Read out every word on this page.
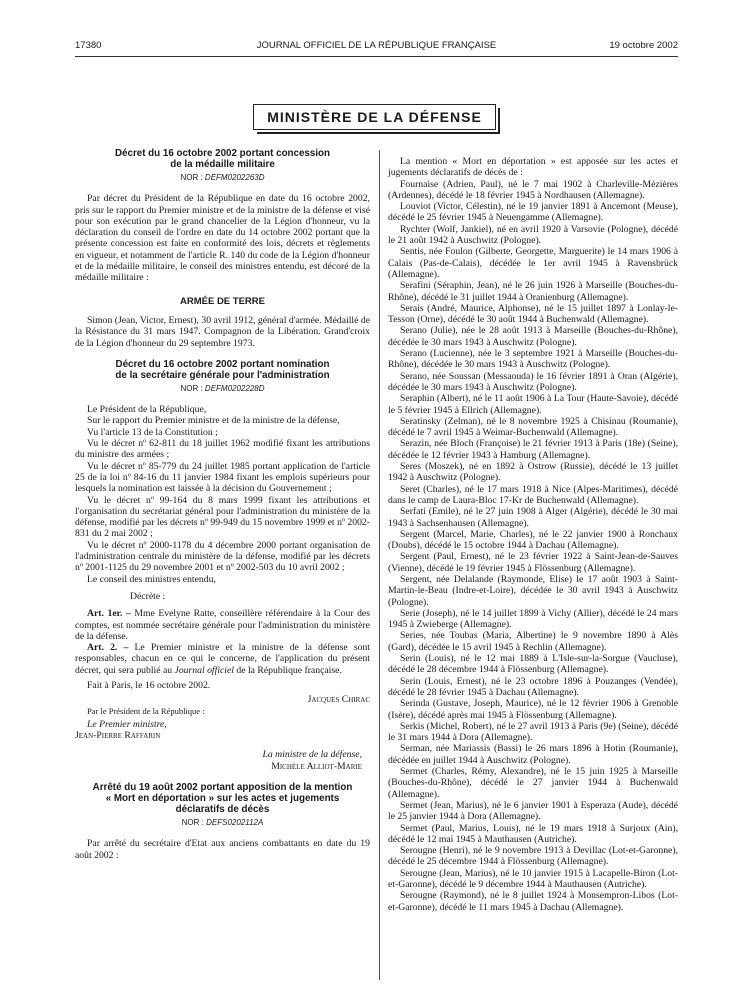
17380	JOURNAL OFFICIEL DE LA RÉPUBLIQUE FRANÇAISE	19 octobre 2002
MINISTÈRE DE LA DÉFENSE
Décret du 16 octobre 2002 portant concession
de la médaille militaire
NOR : DEFM0202263D

Par décret du Président de la République en date du 16 octobre 2002, pris sur le rapport du Premier ministre et de la ministre de la défense et visé pour son exécution par le grand chancelier de la Légion d'honneur, vu la déclaration du conseil de l'ordre en date du 14 octobre 2002 portant que la présente concession est faite en conformité des lois, décrets et règlements en vigueur, et notamment de l'article R. 140 du code de la Légion d'honneur et de la médaille militaire, le conseil des ministres entendu, est décoré de la médaille militaire :

ARMÉE DE TERRE

Simon (Jean, Victor, Ernest), 30 avril 1912, général d'armée. Médaillé de la Résistance du 31 mars 1947. Compagnon de la Libération. Grand'croix de la Légion d'honneur du 29 septembre 1973.

Décret du 16 octobre 2002 portant nomination
de la secrétaire générale pour l'administration
NOR : DEFM0202228D

Le Président de la République,

Sur le rapport du Premier ministre et de la ministre de la défense,

Vu l'article 13 de la Constitution ;

Vu le décret nº 62-811 du 18 juillet 1962 modifié fixant les attributions du ministre des armées ;

Vu le décret nº 85-779 du 24 juillet 1985 portant application de l'article 25 de la loi nº 84-16 du 11 janvier 1984 fixant les emplois supérieurs pour lesquels la nomination est laissée à la décision du Gouvernement ;

Vu le décret nº 99-164 du 8 mars 1999 fixant les attributions et l'organisation du secrétariat général pour l'administration du ministère de la défense, modifié par les décrets nº 99-949 du 15 novembre 1999 et nº 2002-831 du 2 mai 2002 ;

Vu le décret nº 2000-1178 du 4 décembre 2000 portant organisation de l'administration centrale du ministère de la défense, modifié par les décrets nº 2001-1125 du 29 novembre 2001 et nº 2002-503 du 10 avril 2002 ;

Le conseil des ministres entendu,

Décrète :

Art. 1er. – Mme Evelyne Ratte, conseillère référendaire à la Cour des comptes, est nommée secrétaire générale pour l'administration du ministère de la défense.

Art. 2. – Le Premier ministre et la ministre de la défense sont responsables, chacun en ce qui le concerne, de l'application du présent décret, qui sera publié au Journal officiel de la République française.

Fait à Paris, le 16 octobre 2002.

Jacques Chirac

Par le Président de la République :

Le Premier ministre,

Jean-Pierre Raffarin

La ministre de la défense,

Michèle Alliot-Marie

Arrêté du 19 août 2002 portant apposition de la mention
« Mort en déportation » sur les actes et jugements
déclaratifs de décès
NOR : DEFS0202112A

Par arrêté du secrétaire d'Etat aux anciens combattants en date du 19 août 2002 :

La mention « Mort en déportation » est apposée sur les actes et jugements déclaratifs de décès de :

Fournaise (Adrien, Paul), né le 7 mai 1902 à Charleville-Mézières (Ardennes), décédé le 18 février 1945 à Nordhausen (Allemagne).

Louviot (Victor, Célestin), né le 19 janvier 1891 à Ancemont (Meuse), décédé le 25 février 1945 à Neuengamme (Allemagne).

Rychter (Wolf, Jankiel), né en avril 1920 à Varsovie (Pologne), décédé le 21 août 1942 à Auschwitz (Pologne).

Sentis, née Foulon (Gilberte, Georgette, Marguerite) le 14 mars 1906 à Calais (Pas-de-Calais), décédée le 1er avril 1945 à Ravensbrück (Allemagne).

Serafini (Séraphin, Jean), né le 26 juin 1926 à Marseille (Bouches-du-Rhône), décédé le 31 juillet 1944 à Oranienburg (Allemagne).

Serais (André, Maurice, Alphonse), né le 15 juillet 1897 à Lonlay-le-Tesson (Orne), décédé le 30 août 1944 à Buchenwald (Allemagne).

Serano (Julie), née le 28 août 1913 à Marseille (Bouches-du-Rhône), décédée le 30 mars 1943 à Auschwitz (Pologne).

Serano (Lucienne), née le 3 septembre 1921 à Marseille (Bouches-du-Rhône), décédée le 30 mars 1943 à Auschwitz (Pologne).

Serano, née Soussan (Messaouda) le 16 février 1891 à Oran (Algérie), décédée le 30 mars 1943 à Auschwitz (Pologne).

Seraphin (Albert), né le 11 août 1906 à La Tour (Haute-Savoie), décédé le 5 février 1945 à Ellrich (Allemagne).

Seratinsky (Zelman), né le 8 novembre 1925 à Chisinau (Roumanie), décédé le 7 avril 1945 à Weimar-Buchenwald (Allemagne).

Serazin, née Bloch (Françoise) le 21 février 1913 à Paris (18e) (Seine), décédée le 12 février 1943 à Hamburg (Allemagne).

Seres (Moszek), né en 1892 à Ostrow (Russie), décédé le 13 juillet 1942 à Auschwitz (Pologne).

Seret (Charles), né le 17 mars 1918 à Nice (Alpes-Maritimes), décédé dans le camp de Laura-Bloc 17-Kr de Buchenwald (Allemagne).

Serfati (Emile), né le 27 juin 1908 à Alger (Algérie), décédé le 30 mai 1943 à Sachsenhausen (Allemagne).

Sergent (Marcel, Marie, Charles), né le 22 janvier 1900 à Ronchaux (Doubs), décédé le 15 octobre 1944 à Dachau (Allemagne).

Sergent (Paul, Ernest), né le 23 février 1922 à Saint-Jean-de-Sauves (Vienne), décédé le 19 février 1945 à Flössenburg (Allemagne).

Sergent, née Delalande (Raymonde, Elise) le 17 août 1903 à Saint-Martin-le-Beau (Indre-et-Loire), décédée le 30 avril 1943 à Auschwitz (Pologne).

Serie (Joseph), né le 14 juillet 1899 à Vichy (Allier), décédé le 24 mars 1945 à Zwieberge (Allemagne).

Series, née Toubas (Maria, Albertine) le 9 novembre 1890 à Alès (Gard), décédée le 15 avril 1945 à Rechlin (Allemagne).

Serin (Louis), né le 12 mai 1889 à L'Isle-sur-la-Sorgue (Vaucluse), décédé le 28 décembre 1944 à Flössenburg (Allemagne).

Serin (Louis, Ernest), né le 23 octobre 1896 à Pouzanges (Vendée), décédé le 28 février 1945 à Dachau (Allemagne).

Serinda (Gustave, Joseph, Maurice), né le 12 février 1906 à Grenoble (Isère), décédé après mai 1945 à Flössenburg (Allemagne).

Serkis (Michel, Robert), né le 27 avril 1913 à Paris (9e) (Seine), décédé le 31 mars 1944 à Dora (Allemagne).

Serman, née Mariassis (Bassi) le 26 mars 1896 à Hotin (Roumanie), décédée en juillet 1944 à Auschwitz (Pologne).

Sermet (Charles, Rémy, Alexandre), né le 15 juin 1925 à Marseille (Bouches-du-Rhône), décédé le 27 janvier 1944 à Buchenwald (Allemagne).

Sermet (Jean, Marius), né le 6 janvier 1901 à Esperaza (Aude), décédé le 25 janvier 1944 à Dora (Allemagne).

Sermet (Paul, Marius, Louis), né le 19 mars 1918 à Surjoux (Ain), décédé le 12 mai 1945 à Mauthausen (Autriche).

Serougne (Henri), né le 9 novembre 1913 à Devillac (Lot-et-Garonne), décédé le 25 décembre 1944 à Flössenburg (Allemagne).

Serougne (Jean, Marius), né le 10 janvier 1915 à Lacapelle-Biron (Lot-et-Garonne), décédé le 9 décembre 1944 à Mauthausen (Autriche).

Serougne (Raymond), né le 8 juillet 1924 à Monsempron-Libos (Lot-et-Garonne), décédé le 11 mars 1945 à Dachau (Allemagne).
